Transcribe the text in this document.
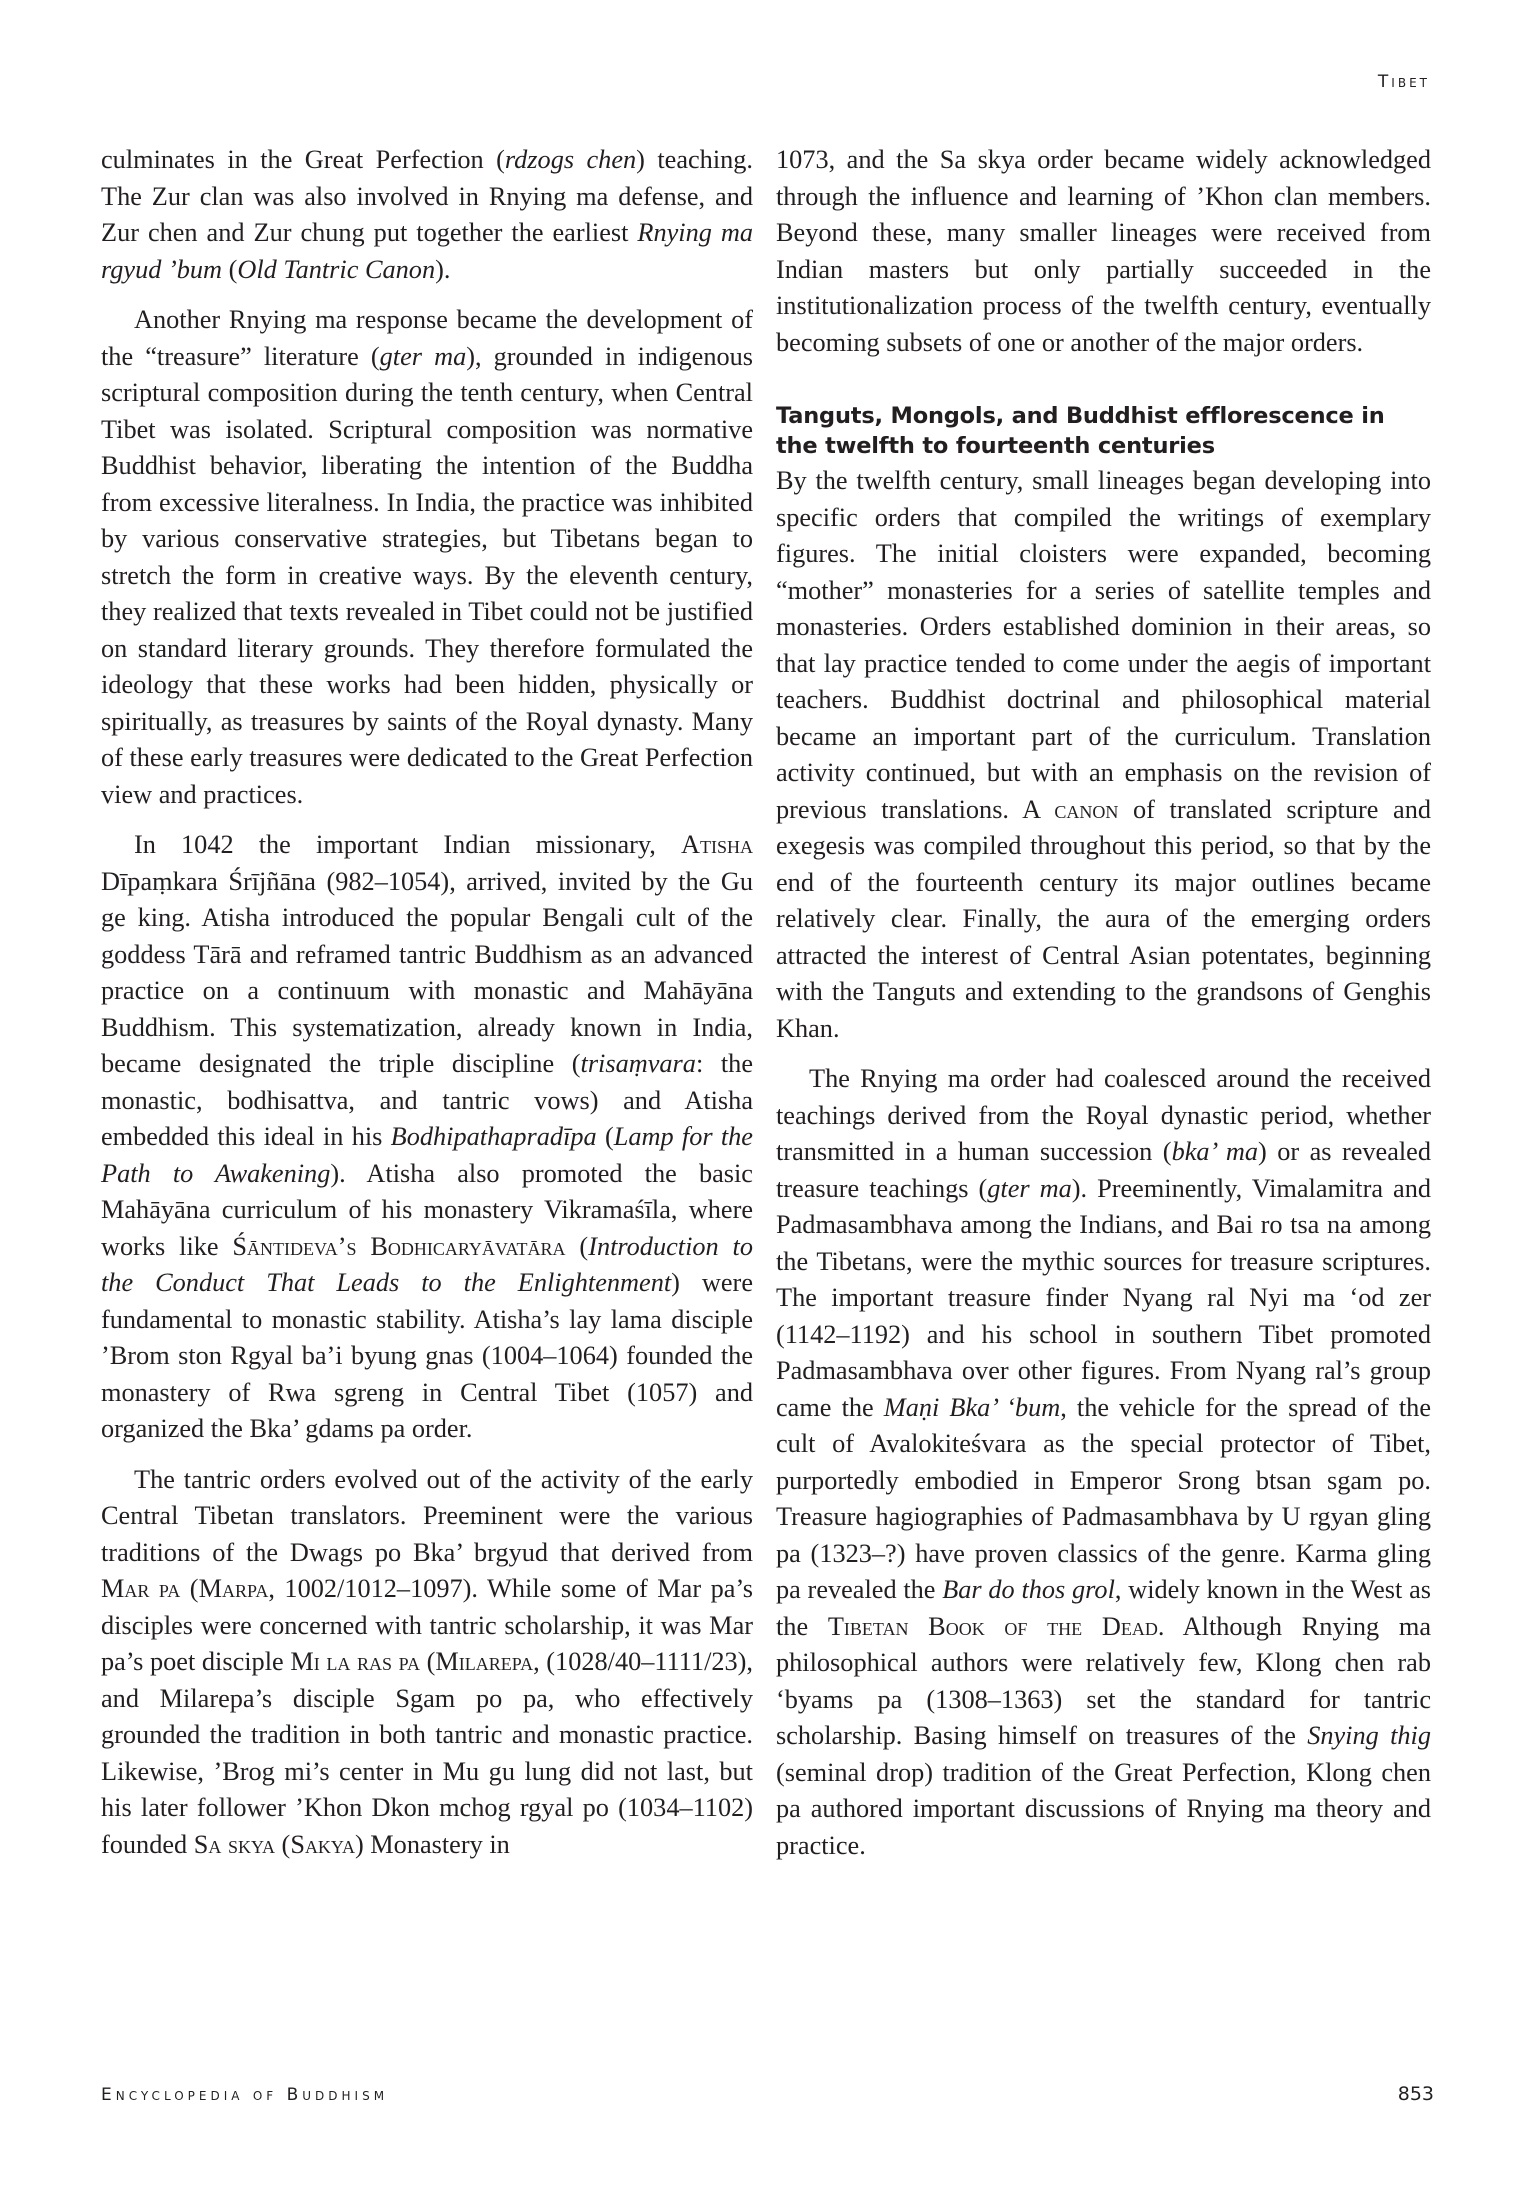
Tibet

culminates in the Great Perfection (rdzogs chen) teaching. The Zur clan was also involved in Rnying ma defense, and Zur chen and Zur chung put together the earliest Rnying ma rgyud ’bum (Old Tantric Canon).

Another Rnying ma response became the development of the “treasure” literature (gter ma), grounded in indigenous scriptural composition during the tenth century, when Central Tibet was isolated. Scriptural composition was normative Buddhist behavior, liberating the intention of the Buddha from excessive literalness. In India, the practice was inhibited by various conservative strategies, but Tibetans began to stretch the form in creative ways. By the eleventh century, they realized that texts revealed in Tibet could not be justified on standard literary grounds. They therefore formulated the ideology that these works had been hidden, physically or spiritually, as treasures by saints of the Royal dynasty. Many of these early treasures were dedicated to the Great Perfection view and practices.

In 1042 the important Indian missionary, Atisha Dīpaṃkara Śrījñāna (982–1054), arrived, invited by the Gu ge king. Atisha introduced the popular Bengali cult of the goddess Tārā and reframed tantric Buddhism as an advanced practice on a continuum with monastic and Mahāyāna Buddhism. This systematization, already known in India, became designated the triple discipline (trisaṃvara: the monastic, bodhisattva, and tantric vows) and Atisha embedded this ideal in his Bodhipathapradīpa (Lamp for the Path to Awakening). Atisha also promoted the basic Mahāyāna curriculum of his monastery Vikramaśīla, where works like Śāntideva’s Bodhicaryāvatāra (Introduction to the Conduct That Leads to the Enlightenment) were fundamental to monastic stability. Atisha’s lay lama disciple ’Brom ston Rgyal ba’i byung gnas (1004–1064) founded the monastery of Rwa sgreng in Central Tibet (1057) and organized the Bka’ gdams pa order.

The tantric orders evolved out of the activity of the early Central Tibetan translators. Preeminent were the various traditions of the Dwags po Bka’ brgyud that derived from Mar pa (Marpa, 1002/1012–1097). While some of Mar pa’s disciples were concerned with tantric scholarship, it was Mar pa’s poet disciple Mi la ras pa (Milarepa, (1028/40–1111/23), and Milarepa’s disciple Sgam po pa, who effectively grounded the tradition in both tantric and monastic practice. Likewise, ’Brog mi’s center in Mu gu lung did not last, but his later follower ’Khon Dkon mchog rgyal po (1034–1102) founded Sa skya (Sakya) Monastery in

1073, and the Sa skya order became widely acknowledged through the influence and learning of ’Khon clan members. Beyond these, many smaller lineages were received from Indian masters but only partially succeeded in the institutionalization process of the twelfth century, eventually becoming subsets of one or another of the major orders.

Tanguts, Mongols, and Buddhist efflorescence in the twelfth to fourteenth centuries

By the twelfth century, small lineages began developing into specific orders that compiled the writings of exemplary figures. The initial cloisters were expanded, becoming “mother” monasteries for a series of satellite temples and monasteries. Orders established dominion in their areas, so that lay practice tended to come under the aegis of important teachers. Buddhist doctrinal and philosophical material became an important part of the curriculum. Translation activity continued, but with an emphasis on the revision of previous translations. A canon of translated scripture and exegesis was compiled throughout this period, so that by the end of the fourteenth century its major outlines became relatively clear. Finally, the aura of the emerging orders attracted the interest of Central Asian potentates, beginning with the Tanguts and extending to the grandsons of Genghis Khan.

The Rnying ma order had coalesced around the received teachings derived from the Royal dynastic period, whether transmitted in a human succession (bka’ ma) or as revealed treasure teachings (gter ma). Preeminently, Vimalamitra and Padmasambhava among the Indians, and Bai ro tsa na among the Tibetans, were the mythic sources for treasure scriptures. The important treasure finder Nyang ral Nyi ma ‘od zer (1142–1192) and his school in southern Tibet promoted Padmasambhava over other figures. From Nyang ral’s group came the Maṇi Bka’ ‘bum, the vehicle for the spread of the cult of Avalokiteśvara as the special protector of Tibet, purportedly embodied in Emperor Srong btsan sgam po. Treasure hagiographies of Padmasambhava by U rgyan gling pa (1323–?) have proven classics of the genre. Karma gling pa revealed the Bar do thos grol, widely known in the West as the Tibetan Book of the Dead. Although Rnying ma philosophical authors were relatively few, Klong chen rab ‘byams pa (1308–1363) set the standard for tantric scholarship. Basing himself on treasures of the Snying thig (seminal drop) tradition of the Great Perfection, Klong chen pa authored important discussions of Rnying ma theory and practice.

Encyclopedia of Buddhism	853
